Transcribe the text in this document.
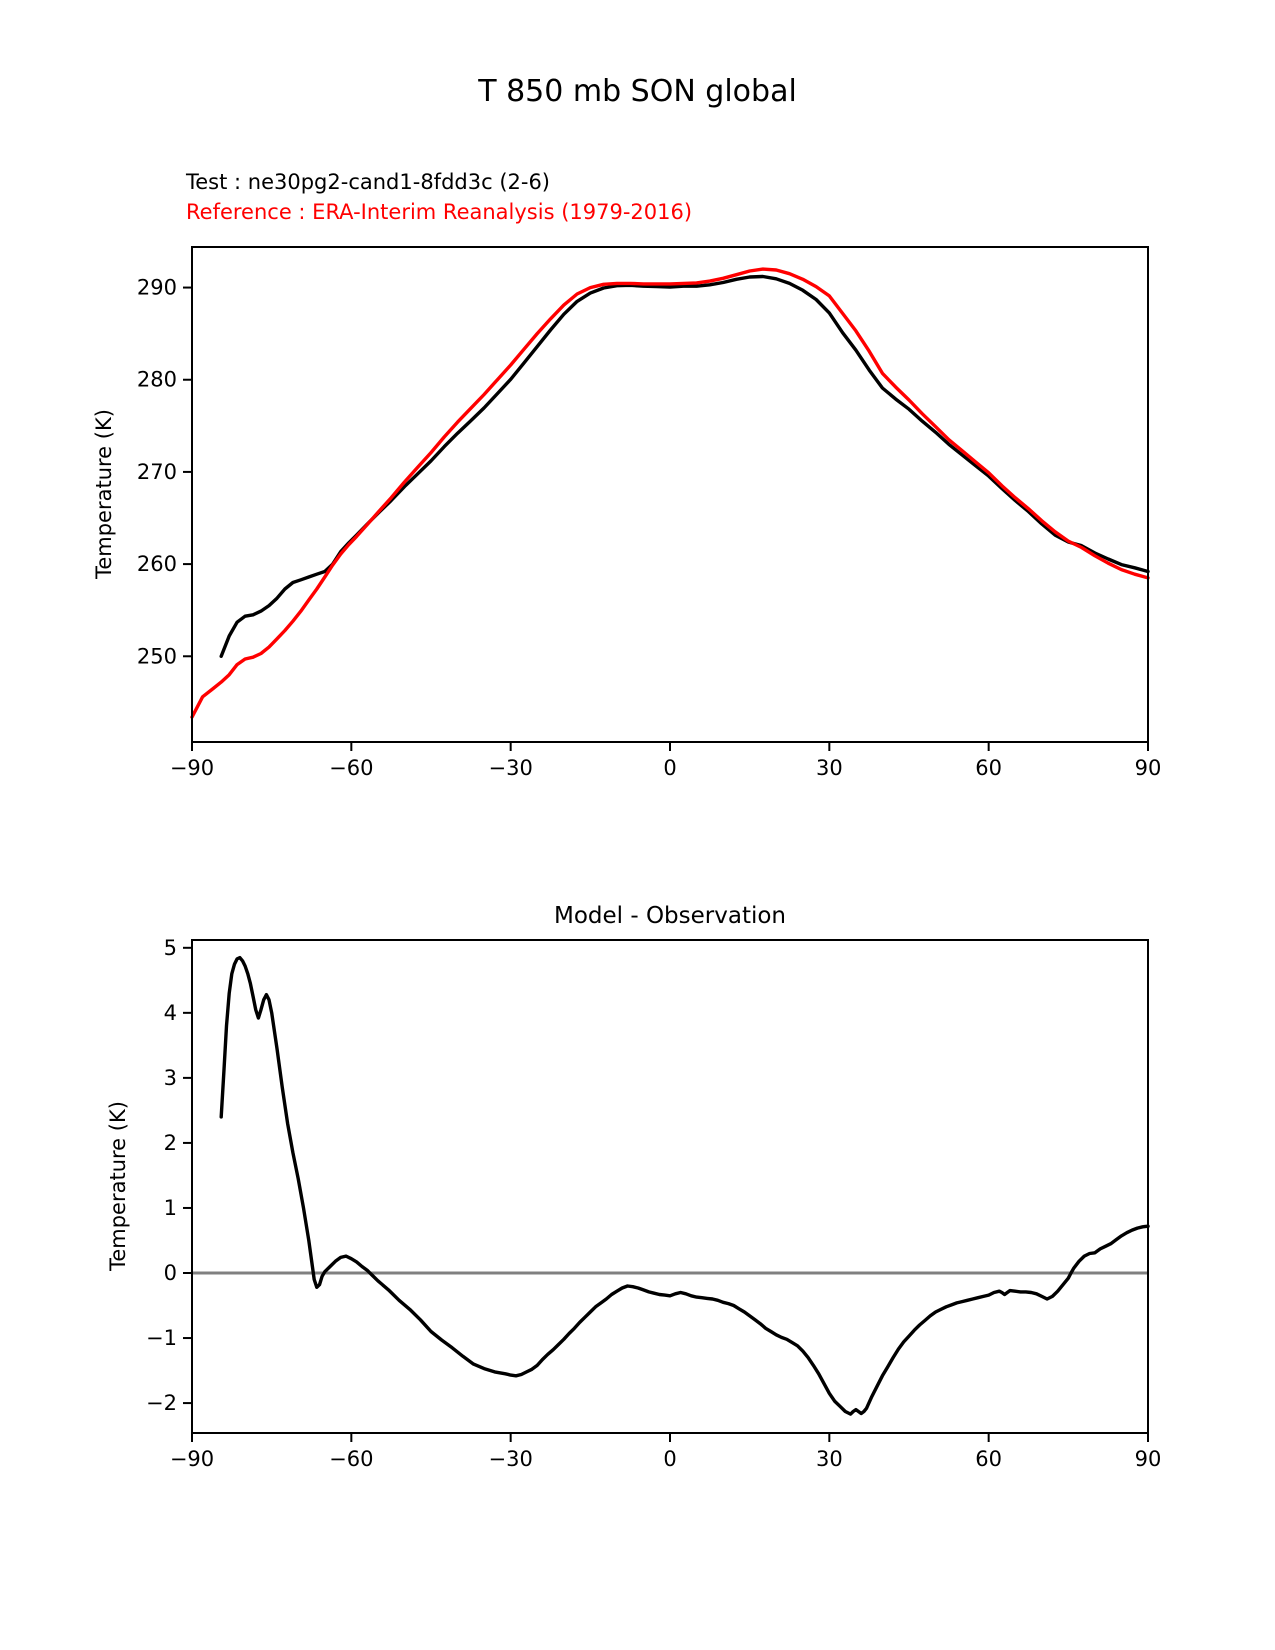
T 850 mb SON global
Test : ne30pg2-cand1-8fdd3c (2-6)
Reference : ERA-Interim Reanalysis (1979-2016)
Temperature (K)
Temperature (K)
Model - Observation
−90	−60	−30	0	30	60	90
250
260
270
280
290
−90	−60	−30	0	30	60	90
−2
−1
0
1
2
3
4
5
